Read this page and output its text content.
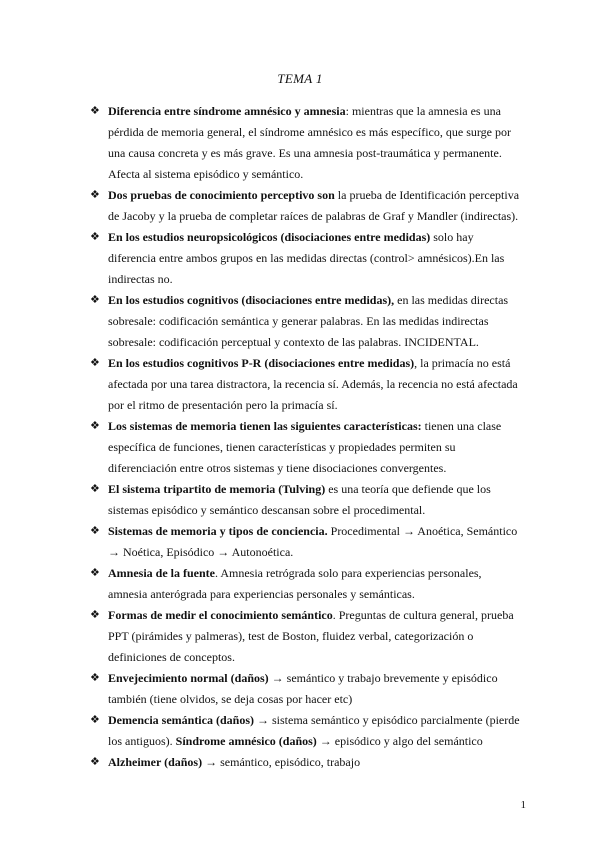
TEMA 1
❖ Diferencia entre síndrome amnésico y amnesia: mientras que la amnesia es una pérdida de memoria general, el síndrome amnésico es más específico, que surge por una causa concreta y es más grave. Es una amnesia post-traumática y permanente. Afecta al sistema episódico y semántico.
❖ Dos pruebas de conocimiento perceptivo son la prueba de Identificación perceptiva de Jacoby y la prueba de completar raíces de palabras de Graf y Mandler (indirectas).
❖ En los estudios neuropsicológicos (disociaciones entre medidas) solo hay diferencia entre ambos grupos en las medidas directas (control> amnésicos).En las indirectas no.
❖ En los estudios cognitivos (disociaciones entre medidas), en las medidas directas sobresale: codificación semántica y generar palabras. En las medidas indirectas sobresale: codificación perceptual y contexto de las palabras. INCIDENTAL.
❖ En los estudios cognitivos P-R (disociaciones entre medidas), la primacía no está afectada por una tarea distractora, la recencia sí. Además, la recencia no está afectada por el ritmo de presentación pero la primacía sí.
❖ Los sistemas de memoria tienen las siguientes características: tienen una clase específica de funciones, tienen características y propiedades permiten su diferenciación entre otros sistemas y tiene disociaciones convergentes.
❖ El sistema tripartito de memoria (Tulving) es una teoría que defiende que los sistemas episódico y semántico descansan sobre el procedimental.
❖ Sistemas de memoria y tipos de conciencia. Procedimental → Anoética, Semántico → Noética, Episódico → Autonoética.
❖ Amnesia de la fuente. Amnesia retrógrada solo para experiencias personales, amnesia anterógrada para experiencias personales y semánticas.
❖ Formas de medir el conocimiento semántico. Preguntas de cultura general, prueba PPT (pirámides y palmeras), test de Boston, fluidez verbal, categorización o definiciones de conceptos.
❖ Envejecimiento normal (daños) → semántico y trabajo brevemente y episódico también (tiene olvidos, se deja cosas por hacer etc)
❖ Demencia semántica (daños) → sistema semántico y episódico parcialmente (pierde los antiguos). Síndrome amnésico (daños) → episódico y algo del semántico
❖ Alzheimer (daños) → semántico, episódico, trabajo
1
